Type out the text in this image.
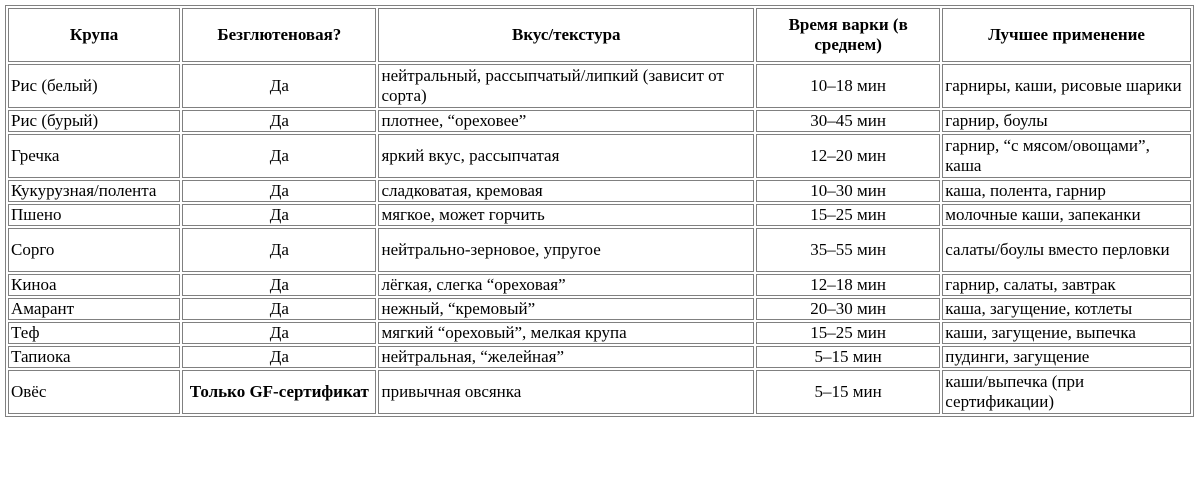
Крупа	Безглютеновая?	Вкус/текстура	Время варки (в среднем)	Лучшее применение
Рис (белый)	Да	нейтральный, рассыпчатый/липкий (зависит от сорта)	10–18 мин	гарниры, каши, рисовые шарики
Рис (бурый)	Да	плотнее, “ореховее”	30–45 мин	гарнир, боулы
Гречка	Да	яркий вкус, рассыпчатая	12–20 мин	гарнир, “с мясом/овощами”, каша
Кукурузная/полента	Да	сладковатая, кремовая	10–30 мин	каша, полента, гарнир
Пшено	Да	мягкое, может горчить	15–25 мин	молочные каши, запеканки
Сорго	Да	нейтрально-зерновое, упругое	35–55 мин	салаты/боулы вместо перловки
Киноа	Да	лёгкая, слегка “ореховая”	12–18 мин	гарнир, салаты, завтрак
Амарант	Да	нежный, “кремовый”	20–30 мин	каша, загущение, котлеты
Теф	Да	мягкий “ореховый”, мелкая крупа	15–25 мин	каши, загущение, выпечка
Тапиока	Да	нейтральная, “желейная”	5–15 мин	пудинги, загущение
Овёс	Только GF-сертификат	привычная овсянка	5–15 мин	каши/выпечка (при сертификации)
